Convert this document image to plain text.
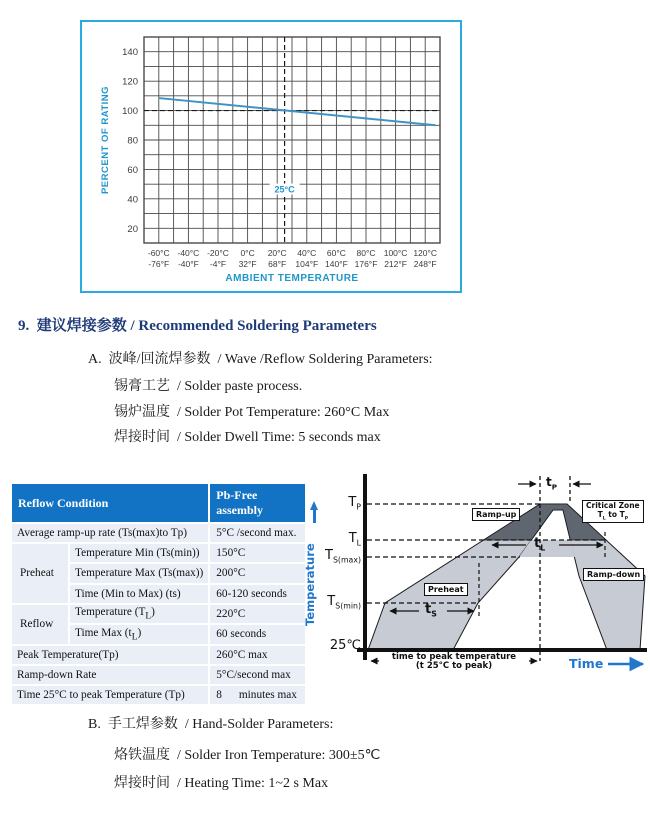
25°C
20
40
60
80
100
120
140
-60°C
-76°F
-40°C
-40°F
-20°C
-4°F
0°C
32°F
20°C
68°F
40°C
104°F
60°C
140°F
80°C
176°F
100°C
212°F
120°C
248°F
AMBIENT TEMPERATURE
PERCENT OF RATING
9. 建议焊接参数 / Recommended Soldering Parameters
A.  波峰/回流焊参数  / Wave /Reflow Soldering Parameters:
锡膏工艺  / Solder paste process.
锡炉温度  / Solder Pot Temperature: 260°C Max
焊接时间  / Solder Dwell Time: 5 seconds max
Reflow Condition		Pb-Free assembly
Average ramp-up rate (Ts(max)to Tp)		5°C /second max.
Preheat	Temperature Min (Ts(min))	150°C
	Temperature Max (Ts(max))	200°C
	Time (Min to Max) (ts)	60-120 seconds
Reflow	Temperature $(T_L)$	220°C
	Time Max $(t_L)$	60 seconds
Peak Temperature(Tp)		260°C max
Ramp-down Rate		5°C/second max
Time 25°C to peak Temperature (Tp)		8      minutes max
$T_P$
$T_L$
$T_{S(max)}$
$T_{S(min)}$
25℃
Ramp-up
Critical Zone
$T_L$ to $T_P$
Ramp-down
Preheat
$t_P$
$t_L$
$t_S$
time to peak temperature
(t 25°C to peak)	Time
Temperature
B.  手工焊参数  / Hand-Solder Parameters:
烙铁温度  / Solder Iron Temperature: 300±5℃
焊接时间  / Heating Time: 1~2 s Max
